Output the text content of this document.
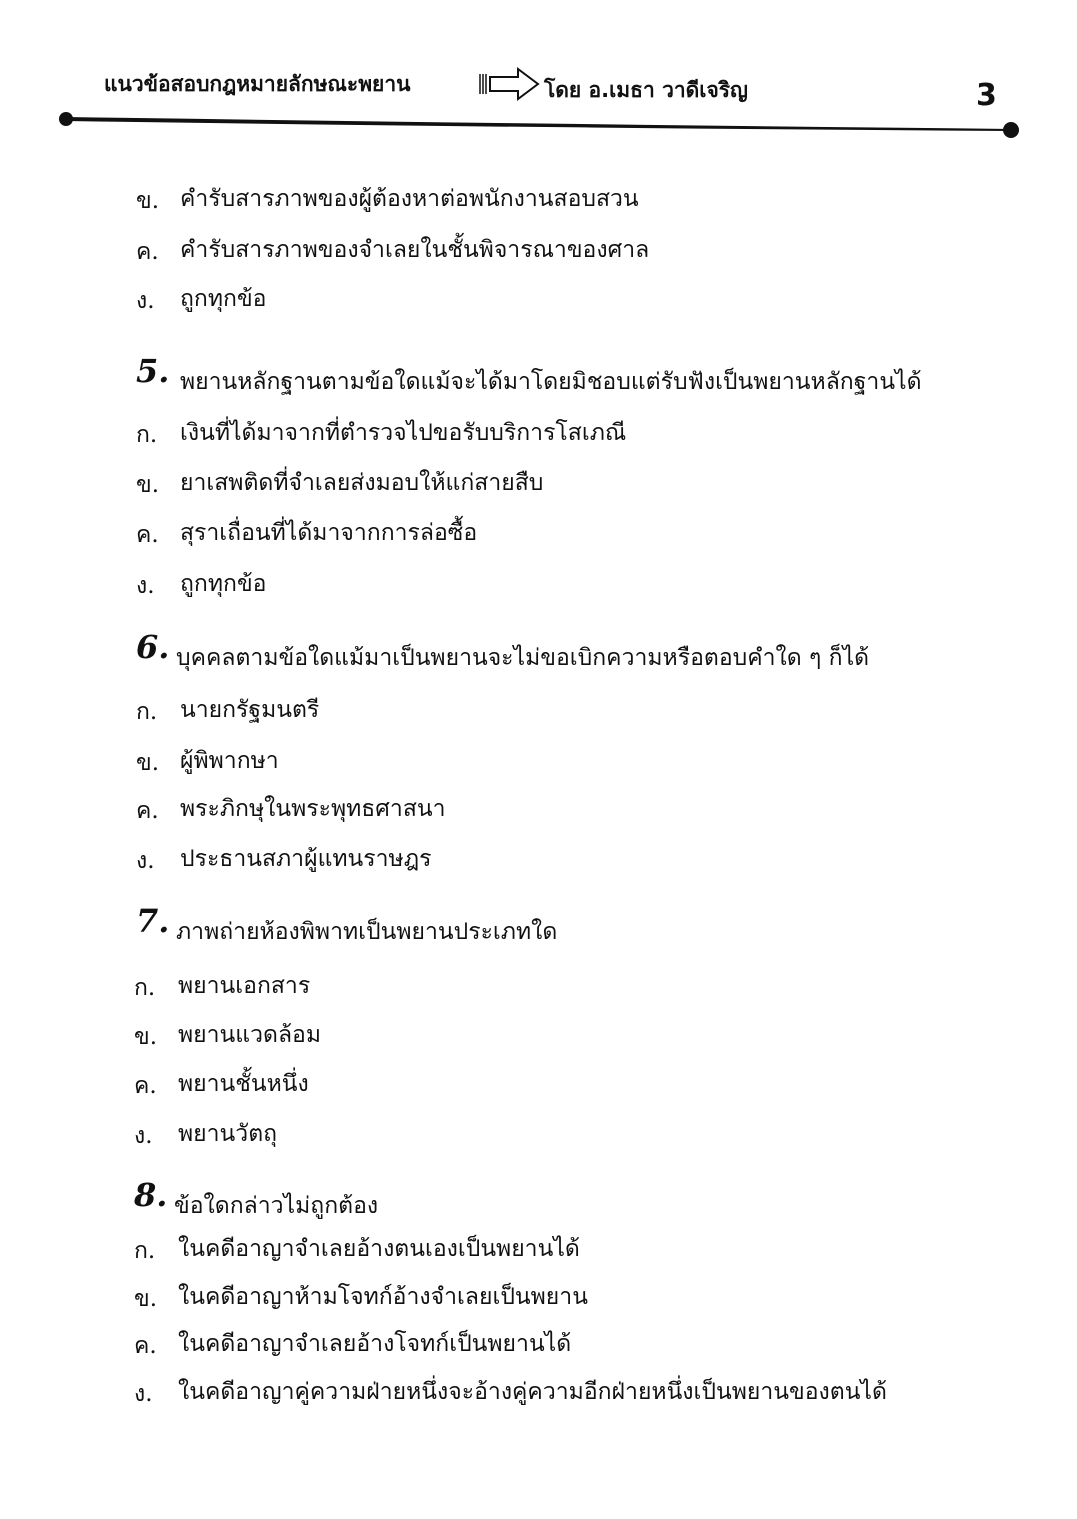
แนวข้อสอบกฎหมายลักษณะพยาน	โดย อ.เมธา วาดีเจริญ	3
ข. คำรับสารภาพของผู้ต้องหาต่อพนักงานสอบสวน
ค. คำรับสารภาพของจำเลยในชั้นพิจารณาของศาล
ง.	ถูกทุกข้อ
5. พยานหลักฐานตามข้อใดแม้จะได้มาโดยมิชอบแต่รับฟังเป็นพยานหลักฐานได้
ก. เงินที่ได้มาจากที่ตำรวจไปขอรับบริการโสเภณี
ข. ยาเสพติดที่จำเลยส่งมอบให้แก่สายสืบ
ค. สุราเถื่อนที่ได้มาจากการล่อซื้อ
ง.	ถูกทุกข้อ
6. บุคคลตามข้อใดแม้มาเป็นพยานจะไม่ขอเบิกความหรือตอบคำใด ๆ ก็ได้
ก. นายกรัฐมนตรี
ข. ผู้พิพากษา
ค. พระภิกษุในพระพุทธศาสนา
ง.	ประธานสภาผู้แทนราษฎร
7. ภาพถ่ายห้องพิพาทเป็นพยานประเภทใด
ก. พยานเอกสาร
ข. พยานแวดล้อม
ค. พยานชั้นหนึ่ง
ง.	พยานวัตถุ
8. ข้อใดกล่าวไม่ถูกต้อง
ก. ในคดีอาญาจำเลยอ้างตนเองเป็นพยานได้
ข. ในคดีอาญาห้ามโจทก์อ้างจำเลยเป็นพยาน
ค. ในคดีอาญาจำเลยอ้างโจทก์เป็นพยานได้
ง.	ในคดีอาญาคู่ความฝ่ายหนึ่งจะอ้างคู่ความอีกฝ่ายหนึ่งเป็นพยานของตนได้
